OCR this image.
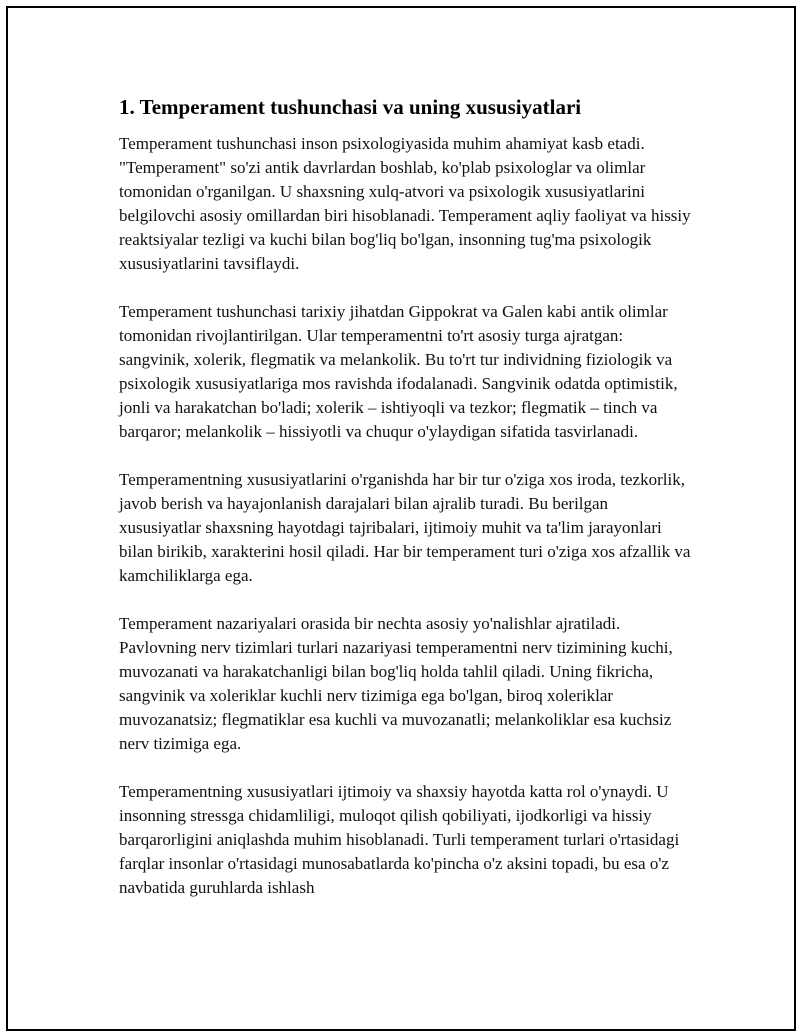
1. Temperament tushunchasi va uning xususiyatlari

Temperament tushunchasi inson psixologiyasida muhim ahamiyat kasb etadi. "Temperament" so'zi antik davrlardan boshlab, ko'plab psixologlar va olimlar tomonidan o'rganilgan. U shaxsning xulq-atvori va psixologik xususiyatlarini belgilovchi asosiy omillardan biri hisoblanadi. Temperament aqliy faoliyat va hissiy reaktsiyalar tezligi va kuchi bilan bog'liq bo'lgan, insonning tug'ma psixologik xususiyatlarini tavsiflaydi.

Temperament tushunchasi tarixiy jihatdan Gippokrat va Galen kabi antik olimlar tomonidan rivojlantirilgan. Ular temperamentni to'rt asosiy turga ajratgan: sangvinik, xolerik, flegmatik va melankolik. Bu to'rt tur individning fiziologik va psixologik xususiyatlariga mos ravishda ifodalanadi. Sangvinik odatda optimistik, jonli va harakatchan bo'ladi; xolerik – ishtiyoqli va tezkor; flegmatik – tinch va barqaror; melankolik – hissiyotli va chuqur o'ylaydigan sifatida tasvirlanadi.

Temperamentning xususiyatlarini o'rganishda har bir tur o'ziga xos iroda, tezkorlik, javob berish va hayajonlanish darajalari bilan ajralib turadi. Bu berilgan xususiyatlar shaxsning hayotdagi tajribalari, ijtimoiy muhit va ta'lim jarayonlari bilan birikib, xarakterini hosil qiladi. Har bir temperament turi o'ziga xos afzallik va kamchiliklarga ega.

Temperament nazariyalari orasida bir nechta asosiy yo'nalishlar ajratiladi. Pavlovning nerv tizimlari turlari nazariyasi temperamentni nerv tizimining kuchi, muvozanati va harakatchanligi bilan bog'liq holda tahlil qiladi. Uning fikricha, sangvinik va xoleriklar kuchli nerv tizimiga ega bo'lgan, biroq xoleriklar muvozanatsiz; flegmatiklar esa kuchli va muvozanatli; melankoliklar esa kuchsiz nerv tizimiga ega.

Temperamentning xususiyatlari ijtimoiy va shaxsiy hayotda katta rol o'ynaydi. U insonning stressga chidamliligi, muloqot qilish qobiliyati, ijodkorligi va hissiy barqarorligini aniqlashda muhim hisoblanadi. Turli temperament turlari o'rtasidagi farqlar insonlar o'rtasidagi munosabatlarda ko'pincha o'z aksini topadi, bu esa o'z navbatida guruhlarda ishlash
